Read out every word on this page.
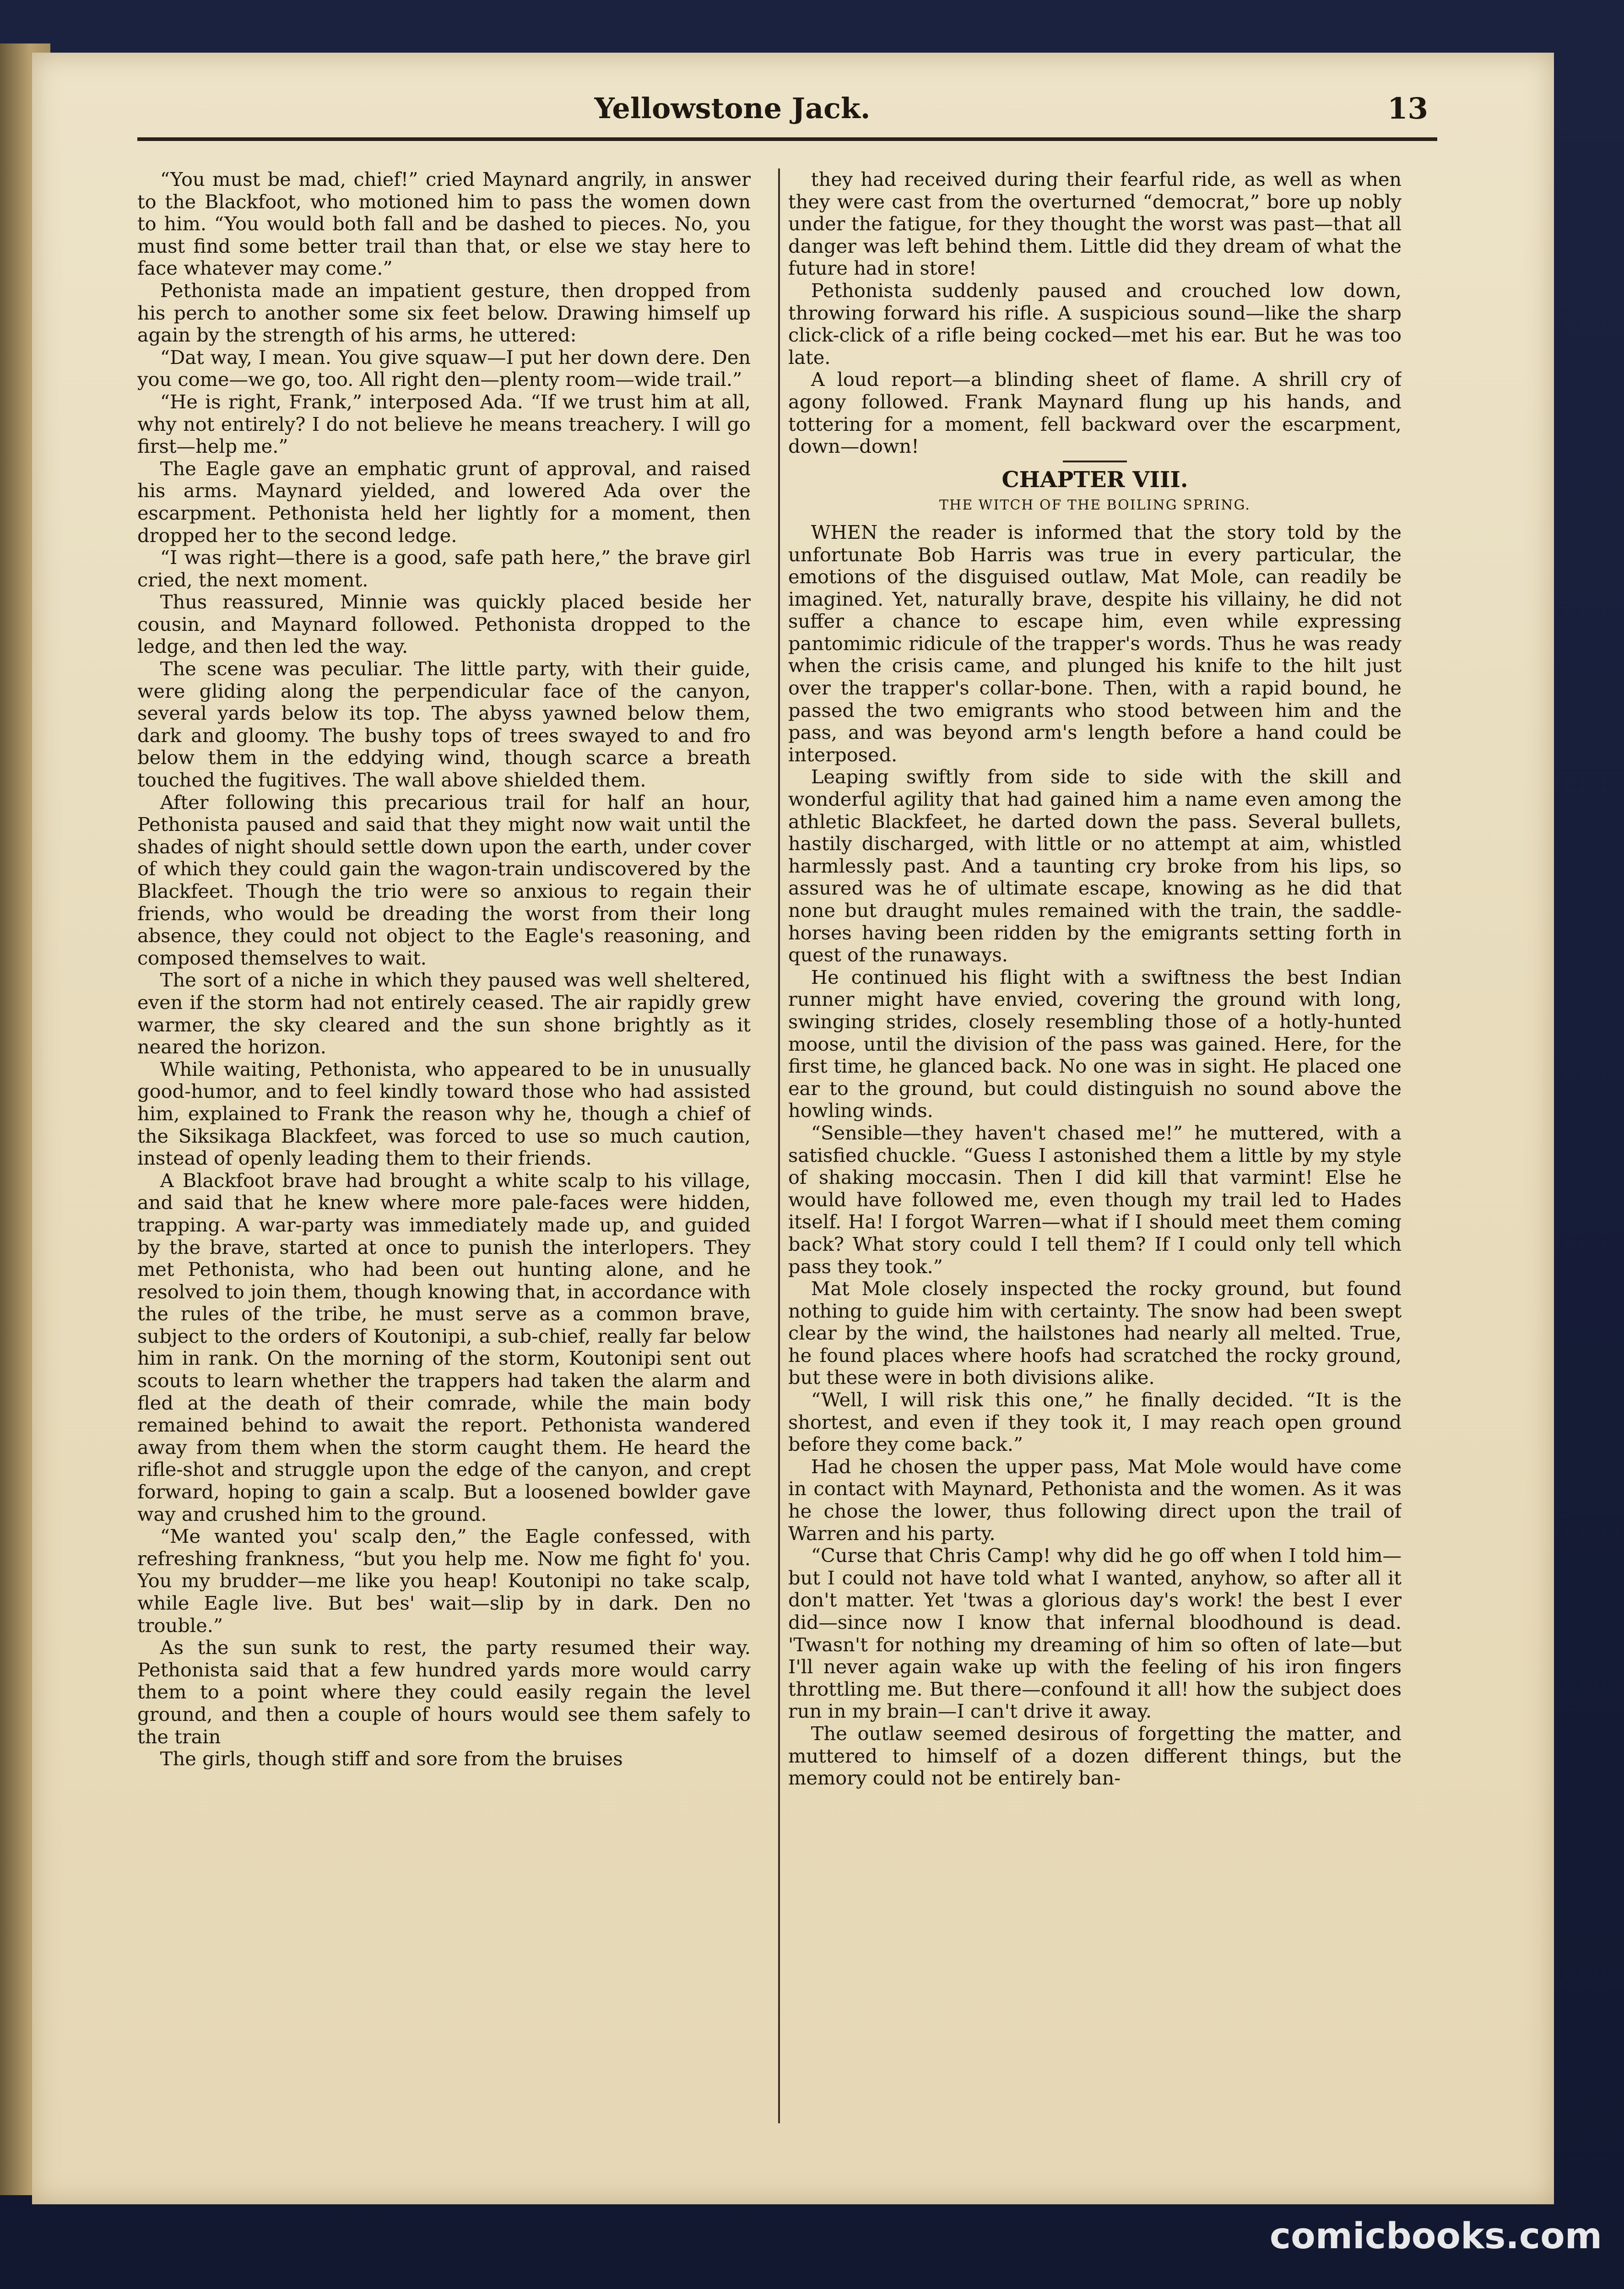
Yellowstone Jack.	13

“You must be mad, chief!” cried Maynard angrily, in answer to the Blackfoot, who motioned him to pass the women down to him. “You would both fall and be dashed to pieces. No, you must find some better trail than that, or else we stay here to face whatever may come.”

Pethonista made an impatient gesture, then dropped from his perch to another some six feet below. Drawing himself up again by the strength of his arms, he uttered:

“Dat way, I mean. You give squaw—I put her down dere. Den you come—we go, too. All right den—plenty room—wide trail.”

“He is right, Frank,” interposed Ada. “If we trust him at all, why not entirely? I do not believe he means treachery. I will go first—help me.”

The Eagle gave an emphatic grunt of approval, and raised his arms. Maynard yielded, and lowered Ada over the escarpment. Pethonista held her lightly for a moment, then dropped her to the second ledge.

“I was right—there is a good, safe path here,” the brave girl cried, the next moment.

Thus reassured, Minnie was quickly placed beside her cousin, and Maynard followed. Pethonista dropped to the ledge, and then led the way.

The scene was peculiar. The little party, with their guide, were gliding along the perpendicular face of the canyon, several yards below its top. The abyss yawned below them, dark and gloomy. The bushy tops of trees swayed to and fro below them in the eddying wind, though scarce a breath touched the fugitives. The wall above shielded them.

After following this precarious trail for half an hour, Pethonista paused and said that they might now wait until the shades of night should settle down upon the earth, under cover of which they could gain the wagon-train undiscovered by the Blackfeet. Though the trio were so anxious to regain their friends, who would be dreading the worst from their long absence, they could not object to the Eagle's reasoning, and composed themselves to wait.

The sort of a niche in which they paused was well sheltered, even if the storm had not entirely ceased. The air rapidly grew warmer, the sky cleared and the sun shone brightly as it neared the horizon.

While waiting, Pethonista, who appeared to be in unusually good-humor, and to feel kindly toward those who had assisted him, explained to Frank the reason why he, though a chief of the Siksikaga Blackfeet, was forced to use so much caution, instead of openly leading them to their friends.

A Blackfoot brave had brought a white scalp to his village, and said that he knew where more pale-faces were hidden, trapping. A war-party was immediately made up, and guided by the brave, started at once to punish the interlopers. They met Pethonista, who had been out hunting alone, and he resolved to join them, though knowing that, in accordance with the rules of the tribe, he must serve as a common brave, subject to the orders of Koutonipi, a sub-chief, really far below him in rank. On the morning of the storm, Koutonipi sent out scouts to learn whether the trappers had taken the alarm and fled at the death of their comrade, while the main body remained behind to await the report. Pethonista wandered away from them when the storm caught them. He heard the rifle-shot and struggle upon the edge of the canyon, and crept forward, hoping to gain a scalp. But a loosened bowlder gave way and crushed him to the ground.

“Me wanted you' scalp den,” the Eagle confessed, with refreshing frankness, “but you help me. Now me fight fo' you. You my brudder—me like you heap! Koutonipi no take scalp, while Eagle live. But bes' wait—slip by in dark. Den no trouble.”

As the sun sunk to rest, the party resumed their way. Pethonista said that a few hundred yards more would carry them to a point where they could easily regain the level ground, and then a couple of hours would see them safely to the train

The girls, though stiff and sore from the bruises

they had received during their fearful ride, as well as when they were cast from the overturned “democrat,” bore up nobly under the fatigue, for they thought the worst was past—that all danger was left behind them. Little did they dream of what the future had in store!

Pethonista suddenly paused and crouched low down, throwing forward his rifle. A suspicious sound—like the sharp click-click of a rifle being cocked—met his ear. But he was too late.

A loud report—a blinding sheet of flame. A shrill cry of agony followed. Frank Maynard flung up his hands, and tottering for a moment, fell backward over the escarpment, down—down!

CHAPTER VIII.

THE WITCH OF THE BOILING SPRING.

WHEN the reader is informed that the story told by the unfortunate Bob Harris was true in every particular, the emotions of the disguised outlaw, Mat Mole, can readily be imagined. Yet, naturally brave, despite his villainy, he did not suffer a chance to escape him, even while expressing pantomimic ridicule of the trapper's words. Thus he was ready when the crisis came, and plunged his knife to the hilt just over the trapper's collar-bone. Then, with a rapid bound, he passed the two emigrants who stood between him and the pass, and was beyond arm's length before a hand could be interposed.

Leaping swiftly from side to side with the skill and wonderful agility that had gained him a name even among the athletic Blackfeet, he darted down the pass. Several bullets, hastily discharged, with little or no attempt at aim, whistled harmlessly past. And a taunting cry broke from his lips, so assured was he of ultimate escape, knowing as he did that none but draught mules remained with the train, the saddle-horses having been ridden by the emigrants setting forth in quest of the runaways.

He continued his flight with a swiftness the best Indian runner might have envied, covering the ground with long, swinging strides, closely resembling those of a hotly-hunted moose, until the division of the pass was gained. Here, for the first time, he glanced back. No one was in sight. He placed one ear to the ground, but could distinguish no sound above the howling winds.

“Sensible—they haven't chased me!” he muttered, with a satisfied chuckle. “Guess I astonished them a little by my style of shaking moccasin. Then I did kill that varmint! Else he would have followed me, even though my trail led to Hades itself. Ha! I forgot Warren—what if I should meet them coming back? What story could I tell them? If I could only tell which pass they took.”

Mat Mole closely inspected the rocky ground, but found nothing to guide him with certainty. The snow had been swept clear by the wind, the hailstones had nearly all melted. True, he found places where hoofs had scratched the rocky ground, but these were in both divisions alike.

“Well, I will risk this one,” he finally decided. “It is the shortest, and even if they took it, I may reach open ground before they come back.”

Had he chosen the upper pass, Mat Mole would have come in contact with Maynard, Pethonista and the women. As it was he chose the lower, thus following direct upon the trail of Warren and his party.

“Curse that Chris Camp! why did he go off when I told him—but I could not have told what I wanted, anyhow, so after all it don't matter. Yet 'twas a glorious day's work! the best I ever did—since now I know that infernal bloodhound is dead. 'Twasn't for nothing my dreaming of him so often of late—but I'll never again wake up with the feeling of his iron fingers throttling me. But there—confound it all! how the subject does run in my brain—I can't drive it away.

The outlaw seemed desirous of forgetting the matter, and muttered to himself of a dozen different things, but the memory could not be entirely ban-

comicbooks.com
